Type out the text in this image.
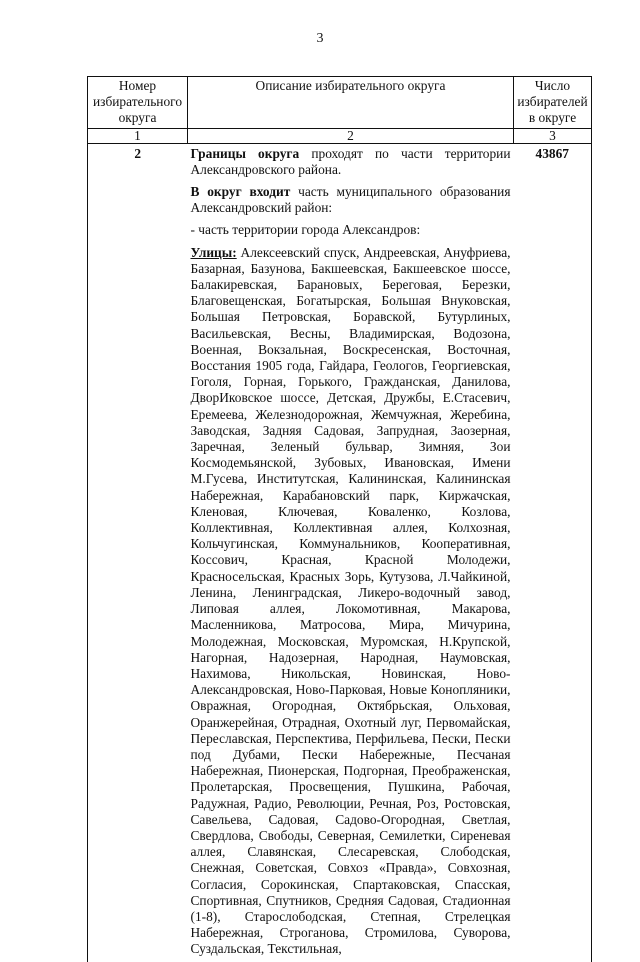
3
Номер избирательного округа	Описание избирательного округа	Число избирателей в округе
1	2	3
2	Границы округа проходят по части территории Александровского района.

В округ входит часть муниципального образования Александровский район:

- часть территории города Александров:

Улицы: Алексеевский спуск, Андреевская, Ануфриева, Базарная, Базунова, Бакшеевская, Бакшеевское шоссе, Балакиревская, Барановых, Береговая, Березки, Благовещенская, Богатырская, Большая Внуковская, Большая Петровская, Боравской, Бутурлиных, Васильевская, Весны, Владимирская, Водозона, Военная, Вокзальная, Воскресенская, Восточная, Восстания 1905 года, Гайдара, Геологов, Георгиевская, Гоголя, Горная, Горького, Гражданская, Данилова, ДворИковское шоссе, Детская, Дружбы, Е.Стасевич, Еремеева, Железнодорожная, Жемчужная, Жеребина, Заводская, Задняя Садовая, Запрудная, Заозерная, Заречная, Зеленый бульвар, Зимняя, Зои Космодемьянской, Зубовых, Ивановская, Имени М.Гусева, Институтская, Калининская, Калининская Набережная, Карабановский парк, Киржачская, Кленовая, Ключевая, Коваленко, Козлова, Коллективная, Коллективная аллея, Колхозная, Кольчугинская, Коммунальников, Кооперативная, Коссович, Красная, Красной Молодежи, Красносельская, Красных Зорь, Кутузова, Л.Чайкиной, Ленина, Ленинградская, Ликеро-водочный завод, Липовая аллея, Локомотивная, Макарова, Масленникова, Матросова, Мира, Мичурина, Молодежная, Московская, Муромская, Н.Крупской, Нагорная, Надозерная, Народная, Наумовская, Нахимова, Никольская, Новинская, Ново-Александровская, Ново-Парковая, Новые Конопляники, Овражная, Огородная, Октябрьская, Ольховая, Оранжерейная, Отрадная, Охотный луг, Первомайская, Переславская, Перспектива, Перфильева, Пески, Пески под Дубами, Пески Набережные, Песчаная Набережная, Пионерская, Подгорная, Преображенская, Пролетарская, Просвещения, Пушкина, Рабочая, Радужная, Радио, Революции, Речная, Роз, Ростовская, Савельева, Садовая, Садово-Огородная, Светлая, Свердлова, Свободы, Северная, Семилетки, Сиреневая аллея, Славянская, Слесаревская, Слободская, Снежная, Советская, Совхоз «Правда», Совхозная, Согласия, Сорокинская, Спартаковская, Спасская, Спортивная, Спутников, Средняя Садовая, Стадионная (1-8), Старослободская, Степная, Стрелецкая Набережная, Строганова, Стромилова, Суворова, Суздальская, Текстильная,	43867
